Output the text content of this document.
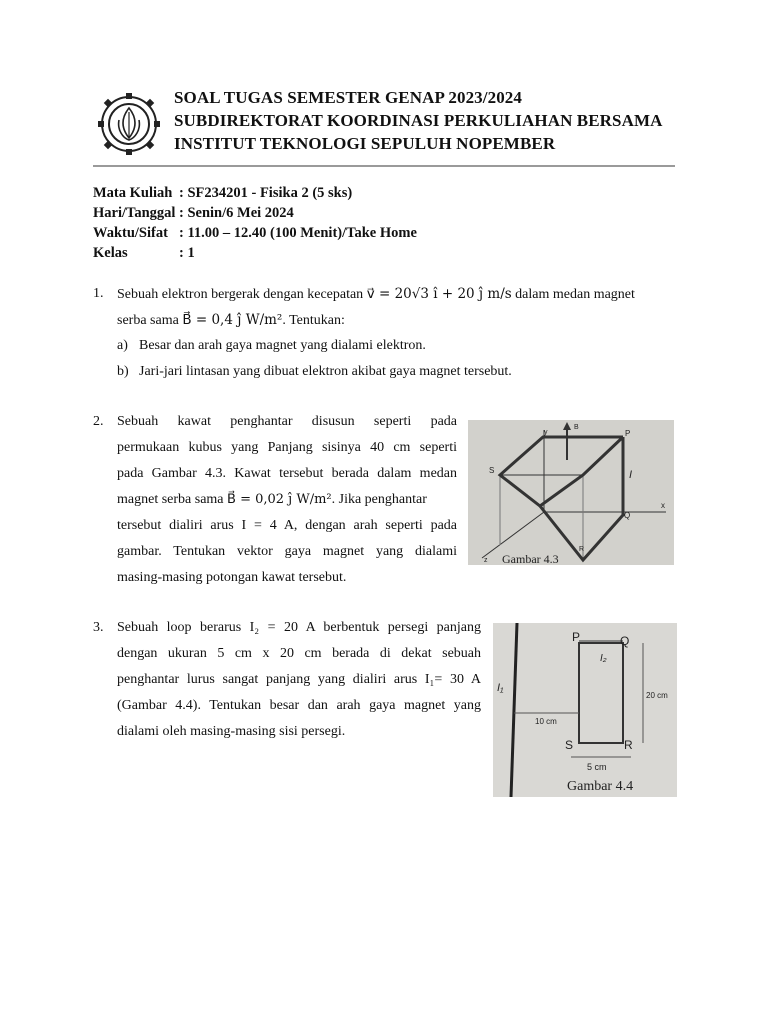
SOAL TUGAS SEMESTER GENAP 2023/2024
SUBDIREKTORAT KOORDINASI PERKULIAHAN BERSAMA
INSTITUT TEKNOLOGI SEPULUH NOPEMBER
Mata Kuliah : SF234201 - Fisika 2 (5 sks)
Hari/Tanggal : Senin/6 Mei 2024
Waktu/Sifat : 11.00 – 12.40 (100 Menit)/Take Home
Kelas	: 1
1. Sebuah elektron bergerak dengan kecepatan v⃗ = 20√3 î + 20 ĵ m/s dalam medan magnet
serba sama B⃗ = 0,4 ĵ W/m². Tentukan:
a) Besar dan arah gaya magnet yang dialami elektron.
b) Jari-jari lintasan yang dibuat elektron akibat gaya magnet tersebut.
2. Sebuah kawat penghantar disusun seperti pada
permukaan kubus yang Panjang sisinya 40 cm seperti
pada Gambar 4.3. Kawat tersebut berada dalam medan
magnet serba sama B⃗ = 0,02 ĵ W/m². Jika penghantar
tersebut dialiri arus I = 4 A, dengan arah seperti pada
gambar. Tentukan vektor gaya magnet yang dialami
masing-masing potongan kawat tersebut.
y
B
P
S	I
Q
x
R
z Gambar 4.3
3. Sebuah loop berarus I₂ = 20 A berbentuk persegi panjang
dengan ukuran 5 cm x 20 cm berada di dekat sebuah
penghantar lurus sangat panjang yang dialiri arus I₁= 30 A
(Gambar 4.4). Tentukan besar dan arah gaya magnet yang
dialami oleh masing-masing sisi persegi.
P	Q
I₂
I₁
20 cm
10 cm
S	R
5 cm
Gambar 4.4
